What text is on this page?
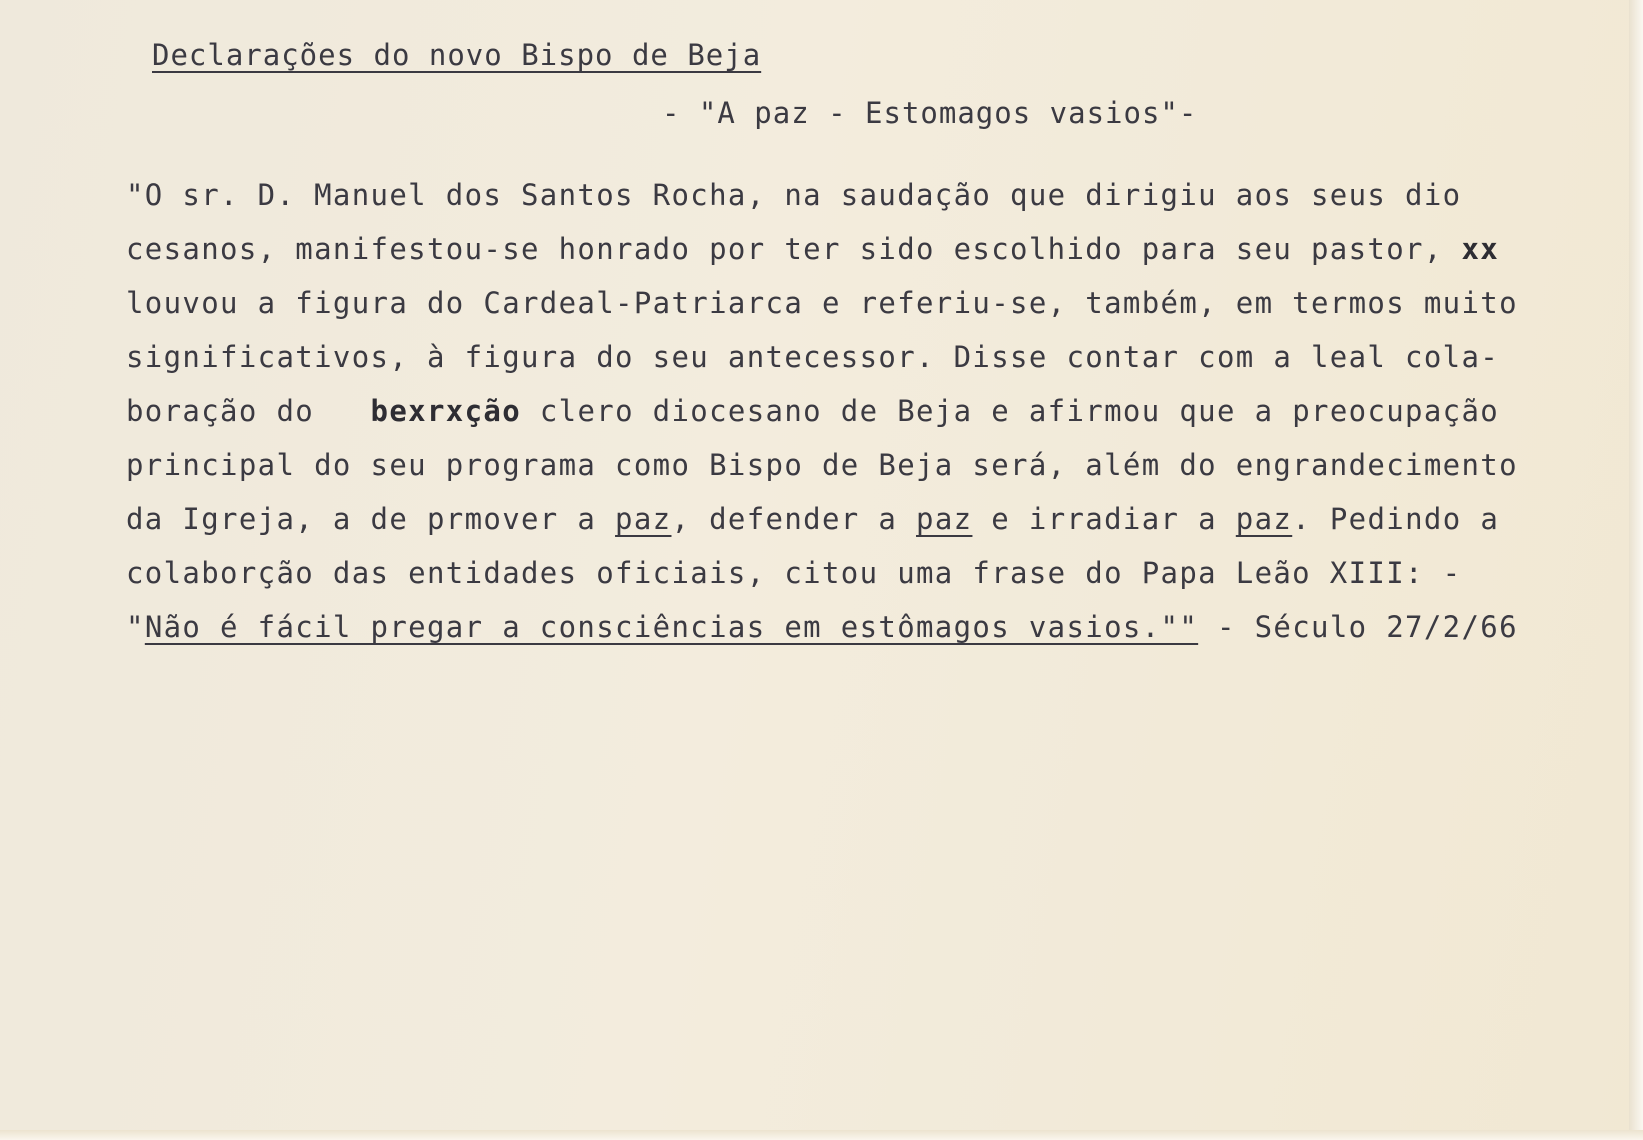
Declarações do novo Bispo de Beja
- "A paz - Estomagos vasios"-
"O sr. D. Manuel dos Santos Rocha, na saudação que dirigiu aos seus dio
cesanos, manifestou-se honrado por ter sido escolhido para seu pastor, xx
louvou a figura do Cardeal-Patriarca e referiu-se, também, em termos muito
significativos, à figura do seu antecessor. Disse contar com a leal cola-
boração do   bexrxção clero diocesano de Beja e afirmou que a preocupação
principal do seu programa como Bispo de Beja será, além do engrandecimento
da Igreja, a de prmover a paz, defender a paz e irradiar a paz. Pedindo a
colaborção das entidades oficiais, citou uma frase do Papa Leão XIII: -
"Não é fácil pregar a consciências em estômagos vasios."" - Século 27/2/66
